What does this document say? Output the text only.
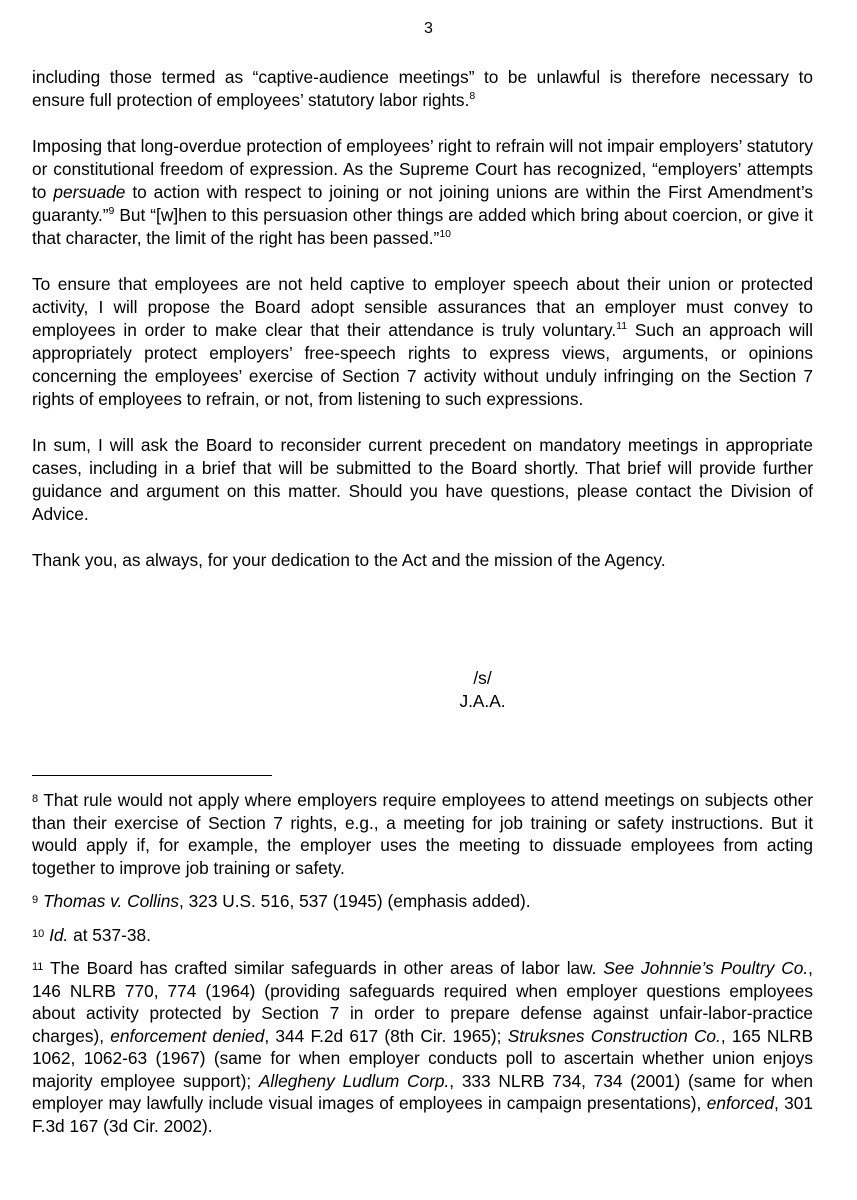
3

including those termed as “captive-audience meetings” to be unlawful is therefore necessary to ensure full protection of employees’ statutory labor rights.$^8$

Imposing that long-overdue protection of employees’ right to refrain will not impair employers’ statutory or constitutional freedom of expression. As the Supreme Court has recognized, “employers’ attempts to persuade to action with respect to joining or not joining unions are within the First Amendment’s guaranty.”$^9$ But “[w]hen to this persuasion other things are added which bring about coercion, or give it that character, the limit of the right has been passed.”$^{10}$

To ensure that employees are not held captive to employer speech about their union or protected activity, I will propose the Board adopt sensible assurances that an employer must convey to employees in order to make clear that their attendance is truly voluntary.$^{11}$ Such an approach will appropriately protect employers’ free-speech rights to express views, arguments, or opinions concerning the employees’ exercise of Section 7 activity without unduly infringing on the Section 7 rights of employees to refrain, or not, from listening to such expressions.

In sum, I will ask the Board to reconsider current precedent on mandatory meetings in appropriate cases, including in a brief that will be submitted to the Board shortly. That brief will provide further guidance and argument on this matter. Should you have questions, please contact the Division of Advice.

Thank you, as always, for your dedication to the Act and the mission of the Agency.

/s/
J.A.A.

$^8$ That rule would not apply where employers require employees to attend meetings on subjects other than their exercise of Section 7 rights, e.g., a meeting for job training or safety instructions. But it would apply if, for example, the employer uses the meeting to dissuade employees from acting together to improve job training or safety.

$^9$ Thomas v. Collins, 323 U.S. 516, 537 (1945) (emphasis added).

$^{10}$ Id. at 537-38.

$^{11}$ The Board has crafted similar safeguards in other areas of labor law. See Johnnie’s Poultry Co., 146 NLRB 770, 774 (1964) (providing safeguards required when employer questions employees about activity protected by Section 7 in order to prepare defense against unfair-labor-practice charges), enforcement denied, 344 F.2d 617 (8th Cir. 1965); Struksnes Construction Co., 165 NLRB 1062, 1062-63 (1967) (same for when employer conducts poll to ascertain whether union enjoys majority employee support); Allegheny Ludlum Corp., 333 NLRB 734, 734 (2001) (same for when employer may lawfully include visual images of employees in campaign presentations), enforced, 301 F.3d 167 (3d Cir. 2002).
